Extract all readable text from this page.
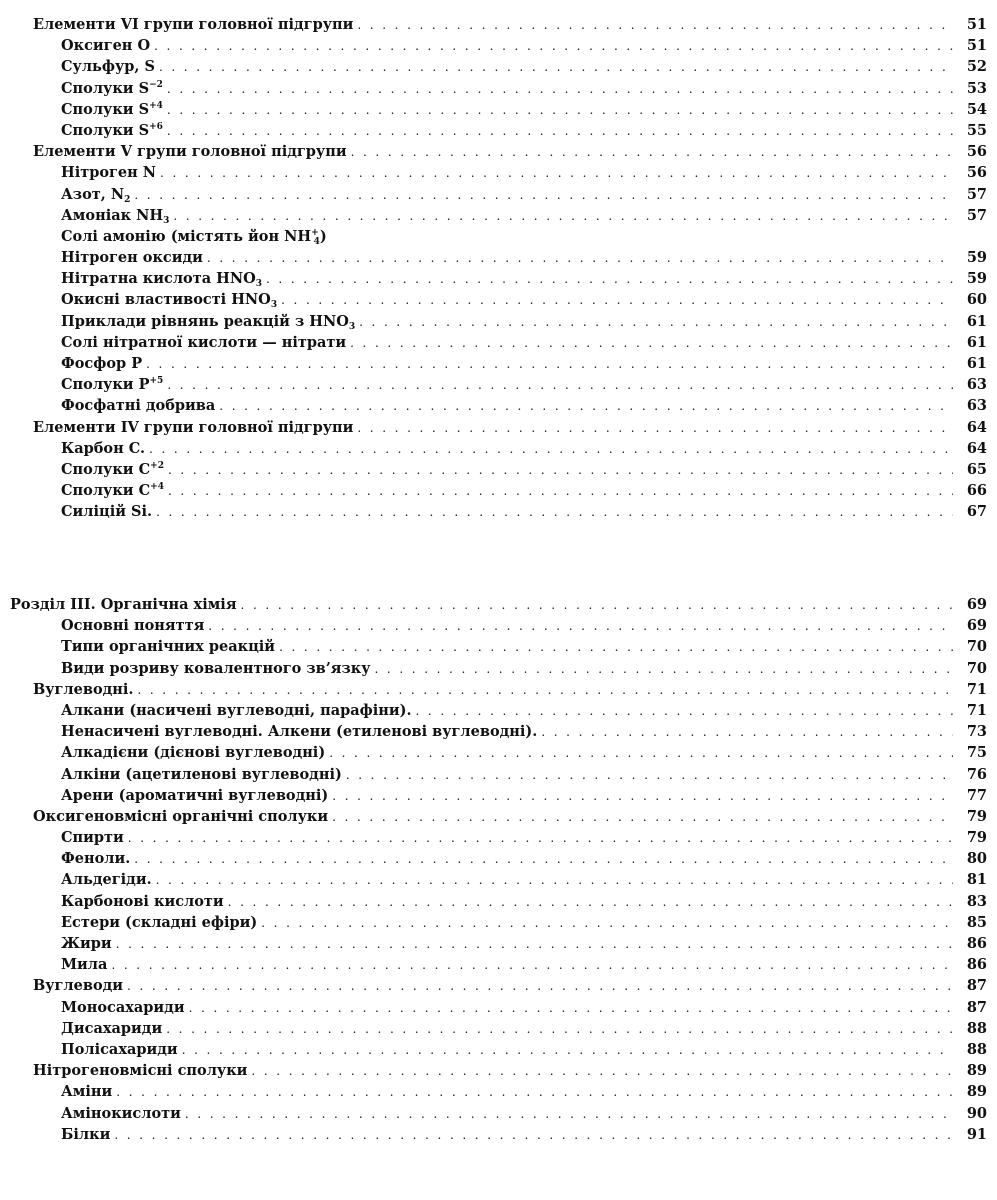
Елементи VI групи головної підгрупи . . .	51
Оксиген O . . .	51
Сульфур, S . . .	52
Сполуки $S^{-2}$ . . .	53
Сполуки $S^{+4}$ . . .	54
Сполуки $S^{+6}$ . . .	55
Елементи V групи головної підгрупи . . .	56
Нітроген N . . .	56
Азот, $N_2$ . . .	57
Амоніак $NH_3$ . . .	57
Солі амонію (містять йон $NH^+_4$)
Нітроген оксиди . . .	59
Нітратна кислота $HNO_3$ . . .	59
Окисні властивості $HNO_3$ . . .	60
Приклади рівнянь реакцій з $HNO_3$ . . .	61
Солі нітратної кислоти — нітрати . . .	61
Фосфор P . . .	61
Сполуки $P^{+5}$ . . .	63
Фосфатні добрива . . .	63
Елементи IV групи головної підгрупи . . .	64
Карбон C. . . .	64
Сполуки $C^{+2}$ . . .	65
Сполуки $C^{+4}$ . . .	66
Силіцій Si. . . .	67
Розділ III. Органічна хімія . . .	69
Основні поняття . . .	69
Типи органічних реакцій . . .	70
Види розриву ковалентного зв’язку . . .	70
Вуглеводні. . . .	71
Алкани (насичені вуглеводні, парафіни). . . .	71
Ненасичені вуглеводні. Алкени (етиленові вуглеводні). . . .	73
Алкадієни (дієнові вуглеводні) . . .	75
Алкіни (ацетиленові вуглеводні) . . .	76
Арени (ароматичні вуглеводні) . . .	77
Оксигеновмісні органічні сполуки . . .	79
Спирти . . .	79
Феноли. . . .	80
Альдегіди. . . .	81
Карбонові кислоти . . .	83
Естери (складні ефіри) . . .	85
Жири . . .	86
Мила . . .	86
Вуглеводи . . .	87
Моносахариди . . .	87
Дисахариди . . .	88
Полісахариди . . .	88
Нітрогеновмісні сполуки . . .	89
Аміни . . .	89
Амінокислоти . . .	90
Білки . . .	91
